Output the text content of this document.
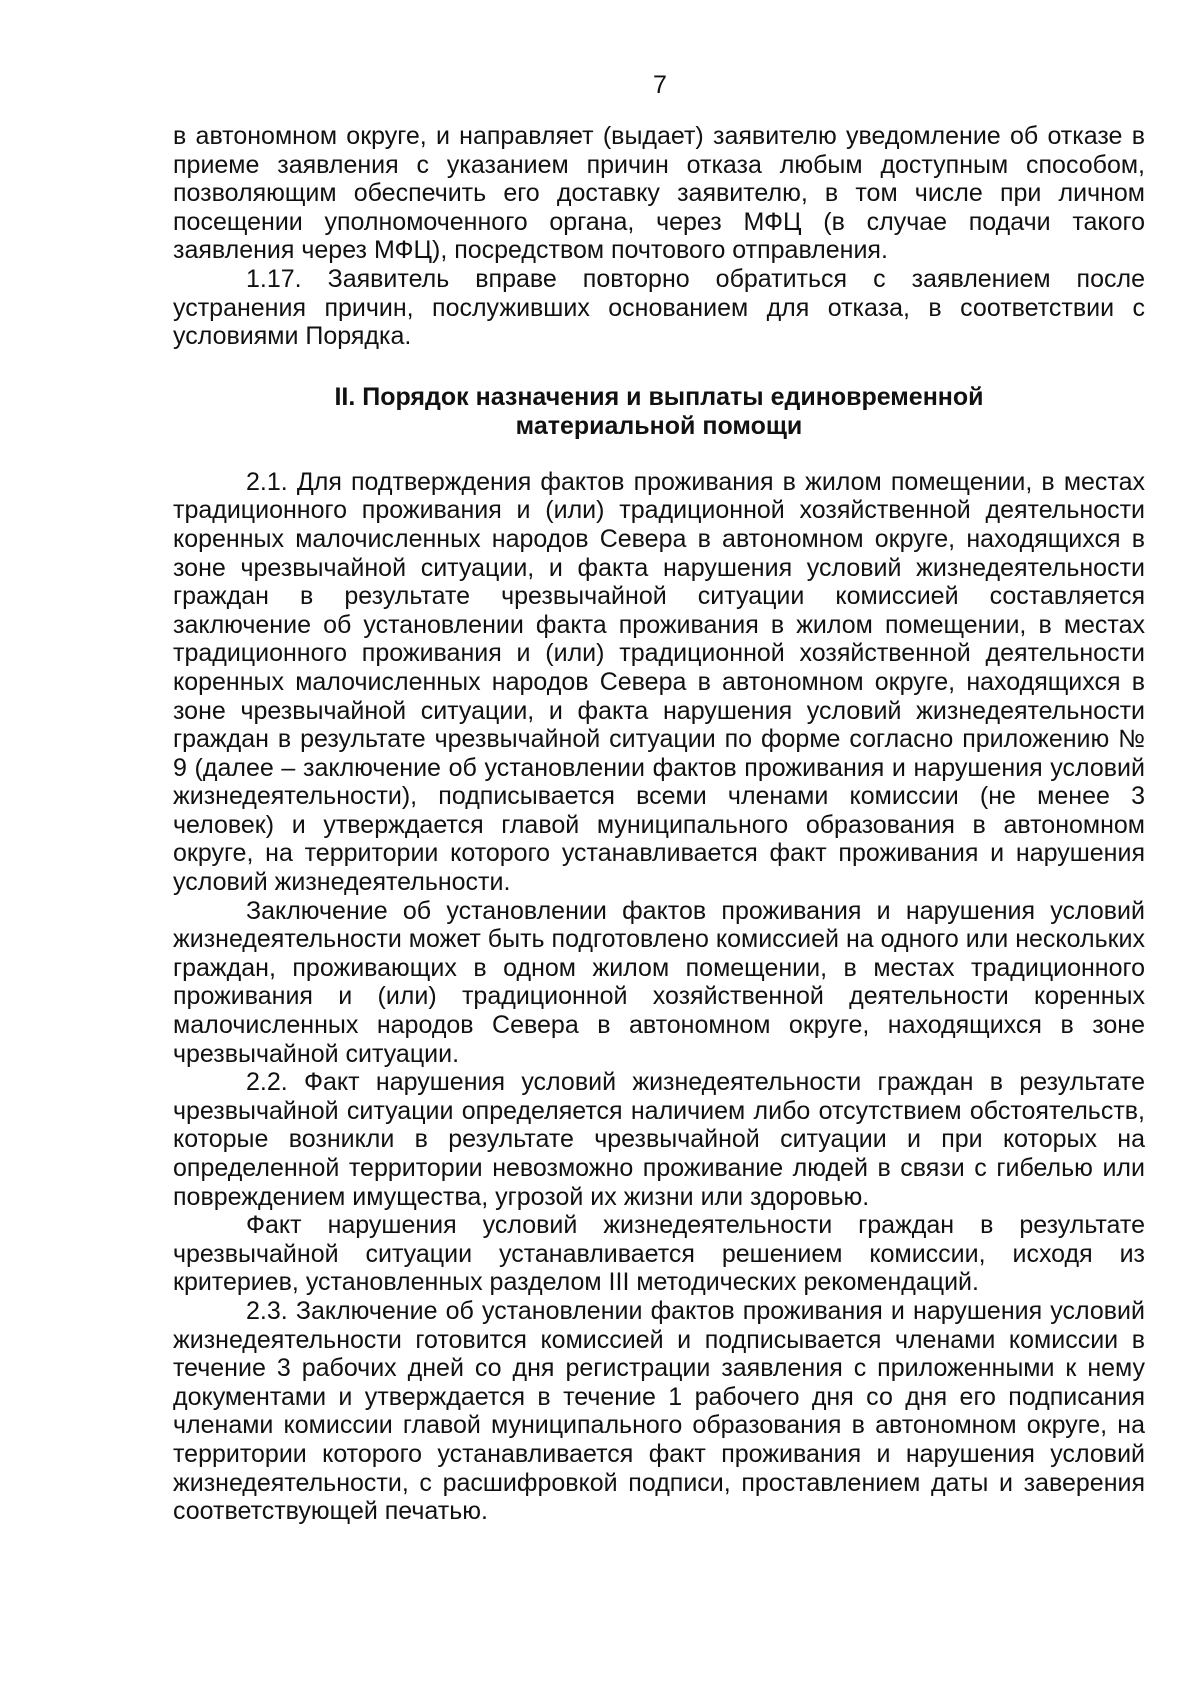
7

в автономном округе, и направляет (выдает) заявителю уведомление об отказе в приеме заявления с указанием причин отказа любым доступным способом, позволяющим обеспечить его доставку заявителю, в том числе при личном посещении уполномоченного органа, через МФЦ (в случае подачи такого заявления через МФЦ), посредством почтового отправления.

1.17. Заявитель вправе повторно обратиться с заявлением после устранения причин, послуживших основанием для отказа, в соответствии с условиями Порядка.

II. Порядок назначения и выплаты единовременной
материальной помощи

2.1. Для подтверждения фактов проживания в жилом помещении, в местах традиционного проживания и (или) традиционной хозяйственной деятельности коренных малочисленных народов Севера в автономном округе, находящихся в зоне чрезвычайной ситуации, и факта нарушения условий жизнедеятельности граждан в результате чрезвычайной ситуации комиссией составляется заключение об установлении факта проживания в жилом помещении, в местах традиционного проживания и (или) традиционной хозяйственной деятельности коренных малочисленных народов Севера в автономном округе, находящихся в зоне чрезвычайной ситуации, и факта нарушения условий жизнедеятельности граждан в результате чрезвычайной ситуации по форме согласно приложению № 9 (далее – заключение об установлении фактов проживания и нарушения условий жизнедеятельности), подписывается всеми членами комиссии (не менее 3 человек) и утверждается главой муниципального образования в автономном округе, на территории которого устанавливается факт проживания и нарушения условий жизнедеятельности.

Заключение об установлении фактов проживания и нарушения условий жизнедеятельности может быть подготовлено комиссией на одного или нескольких граждан, проживающих в одном жилом помещении, в местах традиционного проживания и (или) традиционной хозяйственной деятельности коренных малочисленных народов Севера в автономном округе, находящихся в зоне чрезвычайной ситуации.

2.2. Факт нарушения условий жизнедеятельности граждан в результате чрезвычайной ситуации определяется наличием либо отсутствием обстоятельств, которые возникли в результате чрезвычайной ситуации и при которых на определенной территории невозможно проживание людей в связи с гибелью или повреждением имущества, угрозой их жизни или здоровью.

Факт нарушения условий жизнедеятельности граждан в результате чрезвычайной ситуации устанавливается решением комиссии, исходя из критериев, установленных разделом III методических рекомендаций.

2.3. Заключение об установлении фактов проживания и нарушения условий жизнедеятельности готовится комиссией и подписывается членами комиссии в течение 3 рабочих дней со дня регистрации заявления с приложенными к нему документами и утверждается в течение 1 рабочего дня со дня его подписания членами комиссии главой муниципального образования в автономном округе, на территории которого устанавливается факт проживания и нарушения условий жизнедеятельности, с расшифровкой подписи, проставлением даты и заверения соответствующей печатью.
